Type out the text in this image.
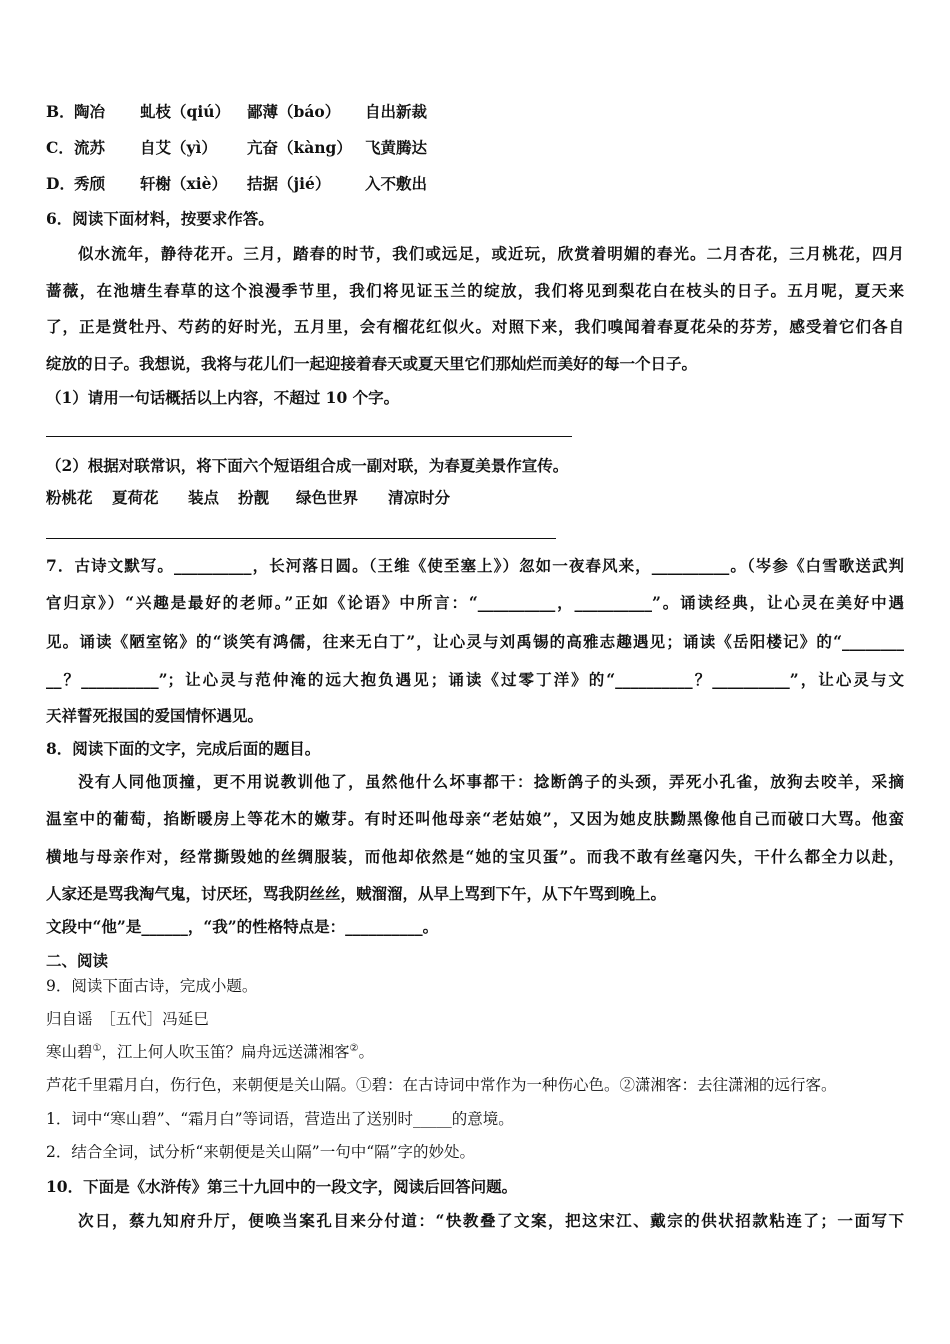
B．陶冶 虬枝（qiú） 鄙薄（báo） 自出新裁
C．流苏 自艾（yì） 亢奋（kàng） 飞黄腾达
D．秀颀 轩榭（xiè） 拮据（jié） 入不敷出
6．阅读下面材料，按要求作答。
似水流年，静待花开。三月，踏春的时节，我们或远足，或近玩，欣赏着明媚的春光。二月杏花，三月桃花，四月
蔷薇，在池塘生春草的这个浪漫季节里，我们将见证玉兰的绽放，我们将见到梨花白在枝头的日子。五月呢，夏天来
了，正是赏牡丹、芍药的好时光，五月里，会有榴花红似火。对照下来，我们嗅闻着春夏花朵的芬芳，感受着它们各自
绽放的日子。我想说，我将与花儿们一起迎接着春天或夏天里它们那灿烂而美好的每一个日子。
（1）请用一句话概括以上内容，不超过 10 个字。
（2）根据对联常识，将下面六个短语组合成一副对联，为春夏美景作宣传。
粉桃花 夏荷花 装点 扮靓 绿色世界 清凉时分
7．古诗文默写。__________，长河落日圆。（王维《使至塞上》）忽如一夜春风来，__________。（岑参《白雪歌送武判
官归京》）“兴趣是最好的老师。”正如《论语》中所言：“__________，__________”。诵读经典，让心灵在美好中遇
见。诵读《陋室铭》的“谈笑有鸿儒，往来无白丁”，让心灵与刘禹锡的高雅志趣遇见；诵读《岳阳楼记》的“________
__？__________”；让心灵与范仲淹的远大抱负遇见；诵读《过零丁洋》的“__________？__________”，让心灵与文
天祥誓死报国的爱国情怀遇见。
8．阅读下面的文字，完成后面的题目。
没有人同他顶撞，更不用说教训他了，虽然他什么坏事都干：捻断鸽子的头颈，弄死小孔雀，放狗去咬羊，采摘
温室中的葡萄，掐断暖房上等花木的嫩芽。有时还叫他母亲“老姑娘”，又因为她皮肤黝黑像他自己而破口大骂。他蛮
横地与母亲作对，经常撕毁她的丝绸服装，而他却依然是“她的宝贝蛋”。而我不敢有丝毫闪失，干什么都全力以赴，
人家还是骂我淘气鬼，讨厌坯，骂我阴丝丝，贼溜溜，从早上骂到下午，从下午骂到晚上。
文段中“他”是______，“我”的性格特点是：__________。
二、阅读
9．阅读下面古诗，完成小题。
归自谣　［五代］冯延巳
寒山碧①，江上何人吹玉笛？扁舟远送潇湘客②。
芦花千里霜月白，伤行色，来朝便是关山隔。①碧：在古诗词中常作为一种伤心色。②潇湘客：去往潇湘的远行客。
1．词中“寒山碧”、“霜月白”等词语，营造出了送别时_____的意境。
2．结合全词，试分析“来朝便是关山隔”一句中“隔”字的妙处。
10．下面是《水浒传》第三十九回中的一段文字，阅读后回答问题。
次日，蔡九知府升厅，便唤当案孔目来分付道：“快教叠了文案，把这宋江、戴宗的供状招款粘连了；一面写下
